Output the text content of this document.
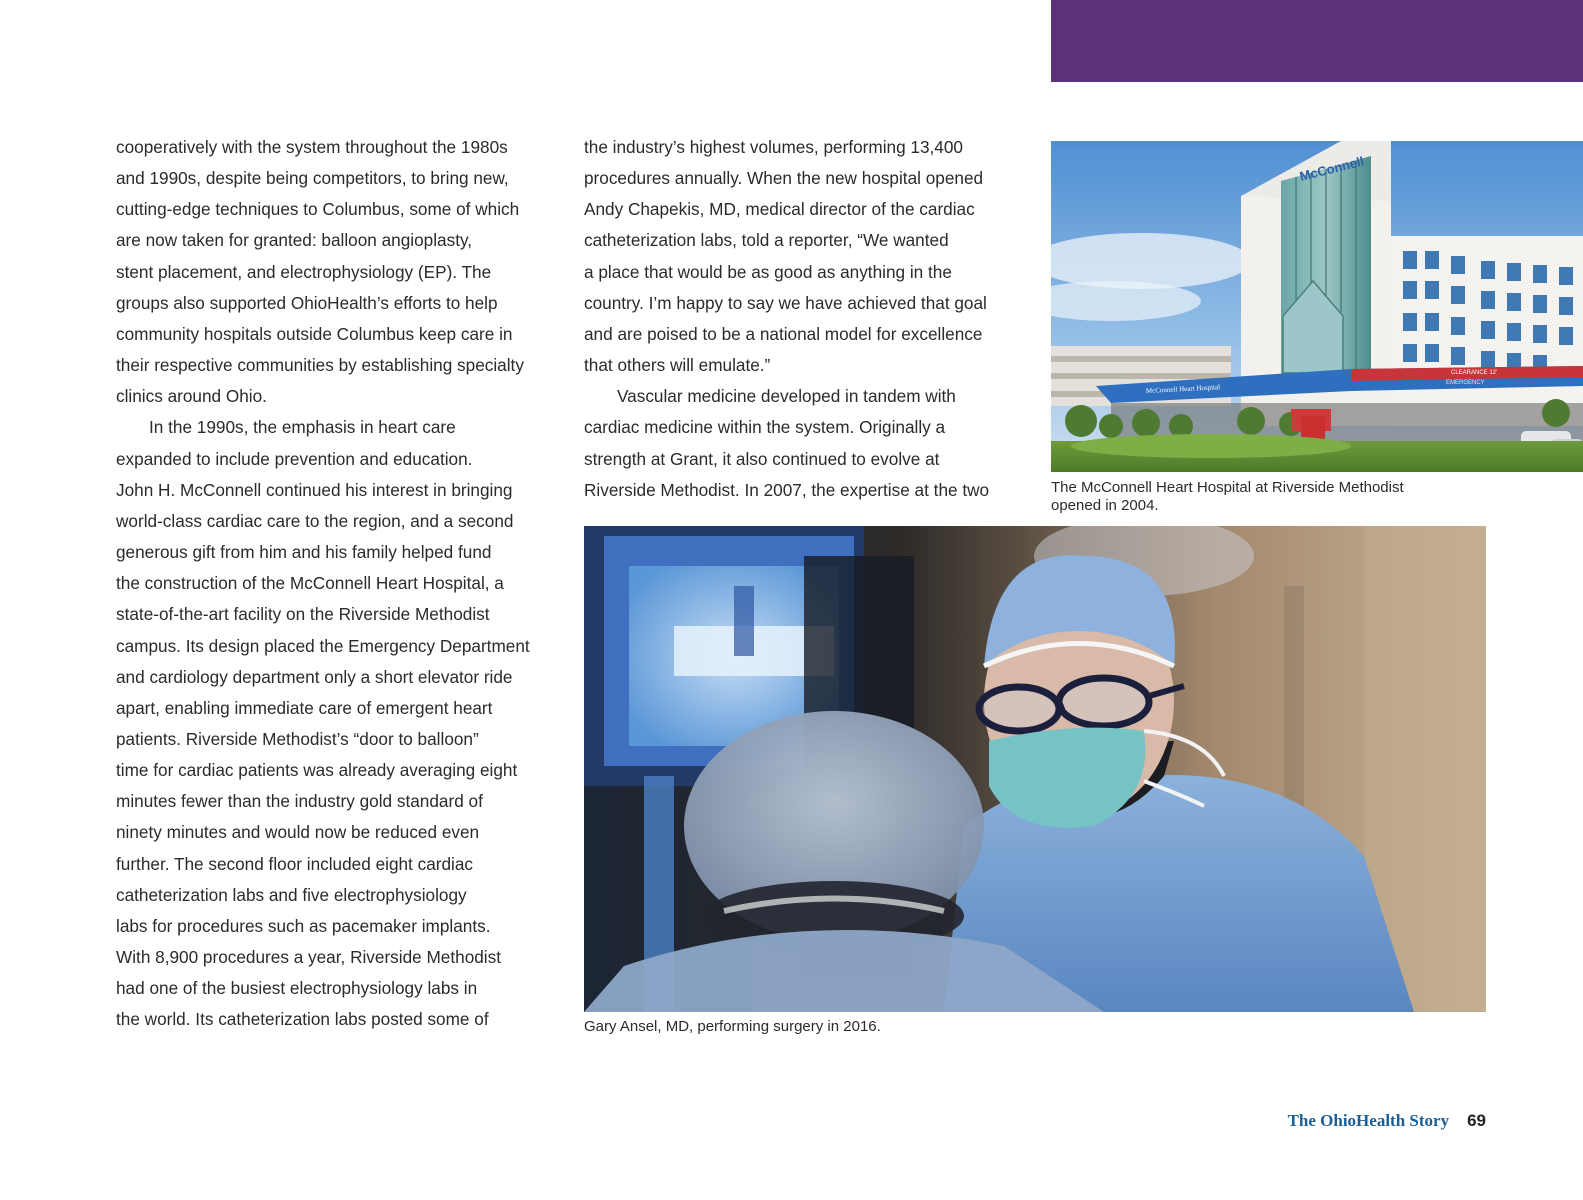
cooperatively with the system throughout the 1980s
and 1990s, despite being competitors, to bring new,
cutting-edge techniques to Columbus, some of which
are now taken for granted: balloon angioplasty,
stent placement, and electrophysiology (EP). The
groups also supported OhioHealth’s efforts to help
community hospitals outside Columbus keep care in
their respective communities by establishing specialty
clinics around Ohio.
In the 1990s, the emphasis in heart care
expanded to include prevention and education.
John H. McConnell continued his interest in bringing
world-class cardiac care to the region, and a second
generous gift from him and his family helped fund
the construction of the McConnell Heart Hospital, a
state-of-the-art facility on the Riverside Methodist
campus. Its design placed the Emergency Department
and cardiology department only a short elevator ride
apart, enabling immediate care of emergent heart
patients. Riverside Methodist’s “door to balloon”
time for cardiac patients was already averaging eight
minutes fewer than the industry gold standard of
ninety minutes and would now be reduced even
further. The second floor included eight cardiac
catheterization labs and five electrophysiology
labs for procedures such as pacemaker implants.
With 8,900 procedures a year, Riverside Methodist
had one of the busiest electrophysiology labs in
the world. Its catheterization labs posted some of
the industry’s highest volumes, performing 13,400
procedures annually. When the new hospital opened
Andy Chapekis, MD, medical director of the cardiac
catheterization labs, told a reporter, “We wanted
a place that would be as good as anything in the
country. I’m happy to say we have achieved that goal
and are poised to be a national model for excellence
that others will emulate.”
Vascular medicine developed in tandem with
cardiac medicine within the system. Originally a
strength at Grant, it also continued to evolve at
Riverside Methodist. In 2007, the expertise at the two
McConnell
McConnell Heart Hospital
CLEARANCE 12'
EMERGENCY
The McConnell Heart Hospital at Riverside Methodist
opened in 2004.
Gary Ansel, MD, performing surgery in 2016.
The OhioHealth Story 69
